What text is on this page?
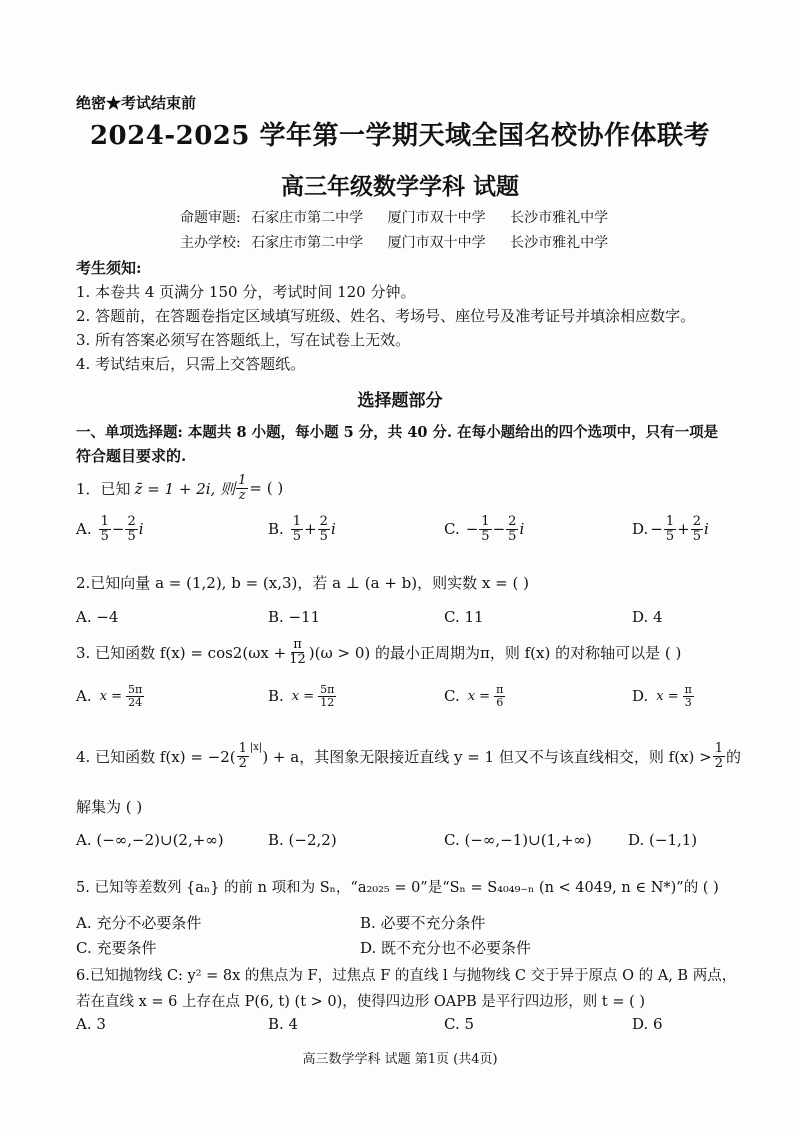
绝密★考试结束前
2024-2025 学年第一学期天域全国名校协作体联考
高三年级数学学科 试题
命题审题: 石家庄市第二中学 厦门市双十中学 长沙市雅礼中学
主办学校: 石家庄市第二中学 厦门市双十中学 长沙市雅礼中学
考生须知:
1. 本卷共 4 页满分 150 分，考试时间 120 分钟。
2. 答题前，在答题卷指定区域填写班级、姓名、考场号、座位号及准考证号并填涂相应数字。
3. 所有答案必须写在答题纸上，写在试卷上无效。
4. 考试结束后，只需上交答题纸。
选择题部分
一、单项选择题: 本题共 8 小题，每小题 5 分，共 40 分. 在每小题给出的四个选项中，只有一项是
符合题目要求的.
1．已知 z̄ = 1 + 2i, 则 $\frac{1}{z}$ = ( )
A. $\frac{1}{5} - \frac{2}{5}$ i	B. $\frac{1}{5} + \frac{2}{5}$ i	C. − $\frac{1}{5} - \frac{2}{5}$ i	D. − $\frac{1}{5} + \frac{2}{5}$ i
2.已知向量 a = (1,2), b = (x,3)，若 a ⊥ (a + b)，则实数 x = ( )
A. −4	B. −11	C. 11	D. 4
3. 已知函数 $f(x) = \cos 2(\omega x + \frac{\pi}{12} )(\omega > 0)$ 的最小正周期为π，则 f(x) 的对称轴可以是 ( )
A. $x = \frac{5\pi}{24}$	B. $x = \frac{5\pi}{12}$	C. $x = \frac{\pi}{6}$	D. $x = \frac{\pi}{3}$
4. 已知函数 $f(x) = -2( \frac{1}{2}^{|x|}$
) + a，其图象无限接近直线 y = 1 但又不与该直线相交，则 $f(x) > \frac{1}{2}$ 的
解集为 ( )
A. (−∞,−2)∪(2,+∞)	B. (−2,2)	C. (−∞,−1)∪(1,+∞) D. (−1,1)
5. 已知等差数列 {aₙ} 的前 n 项和为 Sₙ，“a₂₀₂₅ = 0”是“Sₙ = S₄₀₄₉₋ₙ (n < 4049, n ∈ N*)”的 ( )
A. 充分不必要条件	B. 必要不充分条件
C. 充要条件	D. 既不充分也不必要条件
6.已知抛物线 C: y² = 8x 的焦点为 F，过焦点 F 的直线 l 与抛物线 C 交于异于原点 O 的 A, B 两点，
若在直线 x = 6 上存在点 P(6, t) (t > 0)，使得四边形 OAPB 是平行四边形，则 t = ( )
A. 3	B. 4	C. 5	D. 6
高三数学学科 试题 第1页 (共4页)
